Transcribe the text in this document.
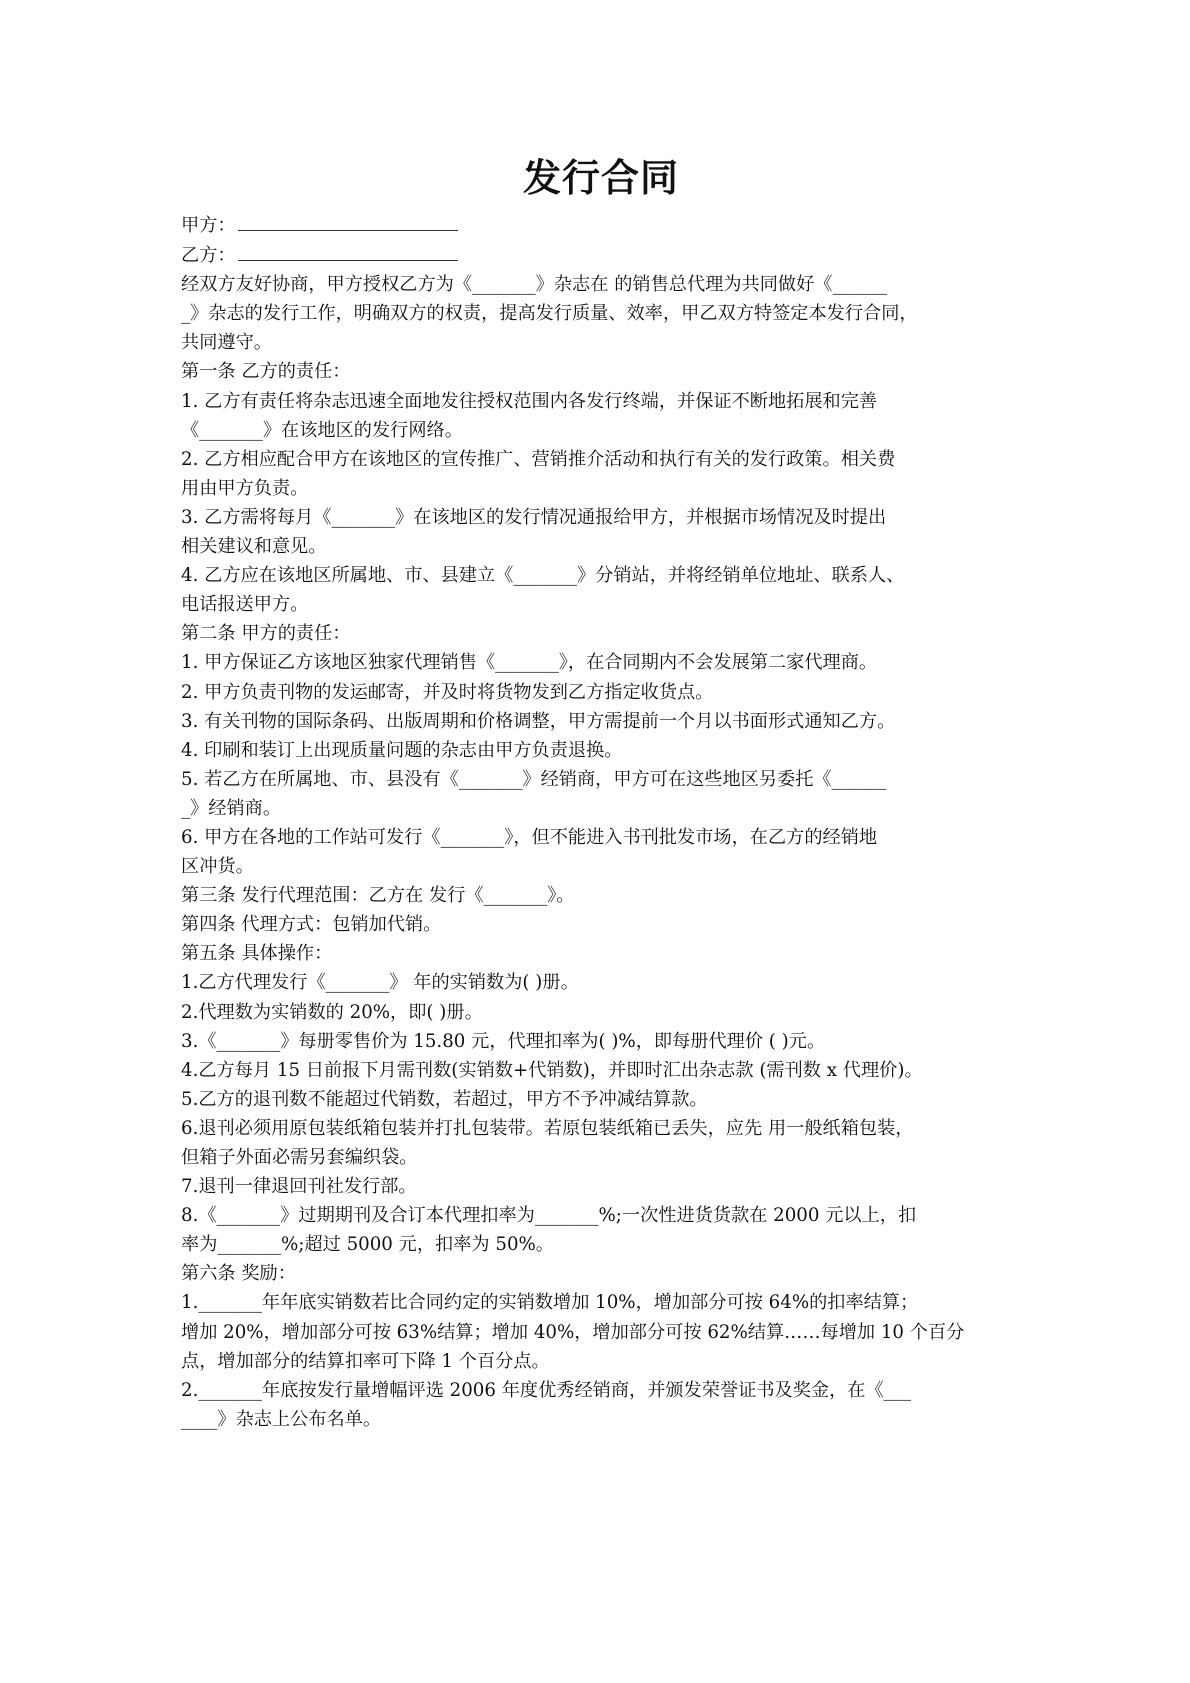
发行合同
甲方：
乙方：
经双方友好协商，甲方授权乙方为《_______》杂志在 的销售总代理为共同做好《______
_》杂志的发行工作，明确双方的权责，提高发行质量、效率，甲乙双方特签定本发行合同，
共同遵守。
第一条 乙方的责任：
1. 乙方有责任将杂志迅速全面地发往授权范围内各发行终端，并保证不断地拓展和完善
《_______》在该地区的发行网络。
2. 乙方相应配合甲方在该地区的宣传推广、营销推介活动和执行有关的发行政策。相关费
用由甲方负责。
3. 乙方需将每月《_______》在该地区的发行情况通报给甲方，并根据市场情况及时提出
相关建议和意见。
4. 乙方应在该地区所属地、市、县建立《_______》分销站，并将经销单位地址、联系人、
电话报送甲方。
第二条 甲方的责任：
1. 甲方保证乙方该地区独家代理销售《_______》，在合同期内不会发展第二家代理商。
2. 甲方负责刊物的发运邮寄，并及时将货物发到乙方指定收货点。
3. 有关刊物的国际条码、出版周期和价格调整，甲方需提前一个月以书面形式通知乙方。
4. 印刷和装订上出现质量问题的杂志由甲方负责退换。
5. 若乙方在所属地、市、县没有《_______》经销商，甲方可在这些地区另委托《______
_》经销商。
6. 甲方在各地的工作站可发行《_______》，但不能进入书刊批发市场，在乙方的经销地
区冲货。
第三条 发行代理范围：乙方在 发行《_______》。
第四条 代理方式：包销加代销。
第五条 具体操作：
1.乙方代理发行《_______》 年的实销数为( )册。
2.代理数为实销数的 20%，即( )册。
3.《_______》每册零售价为 15.80 元，代理扣率为( )%，即每册代理价 ( )元。
4.乙方每月 15 日前报下月需刊数(实销数+代销数)，并即时汇出杂志款 (需刊数 x 代理价)。
5.乙方的退刊数不能超过代销数，若超过，甲方不予冲减结算款。
6.退刊必须用原包装纸箱包装并打扎包装带。若原包装纸箱已丢失，应先 用一般纸箱包装，
但箱子外面必需另套编织袋。
7.退刊一律退回刊社发行部。
8.《_______》过期期刊及合订本代理扣率为_______%;一次性进货货款在 2000 元以上，扣
率为_______%;超过 5000 元，扣率为 50%。
第六条 奖励：
1._______年年底实销数若比合同约定的实销数增加 10%，增加部分可按 64%的扣率结算；
增加 20%，增加部分可按 63%结算；增加 40%，增加部分可按 62%结算……每增加 10 个百分
点，增加部分的结算扣率可下降 1 个百分点。
2._______年底按发行量增幅评选 2006 年度优秀经销商，并颁发荣誉证书及奖金，在《___
____》杂志上公布名单。
